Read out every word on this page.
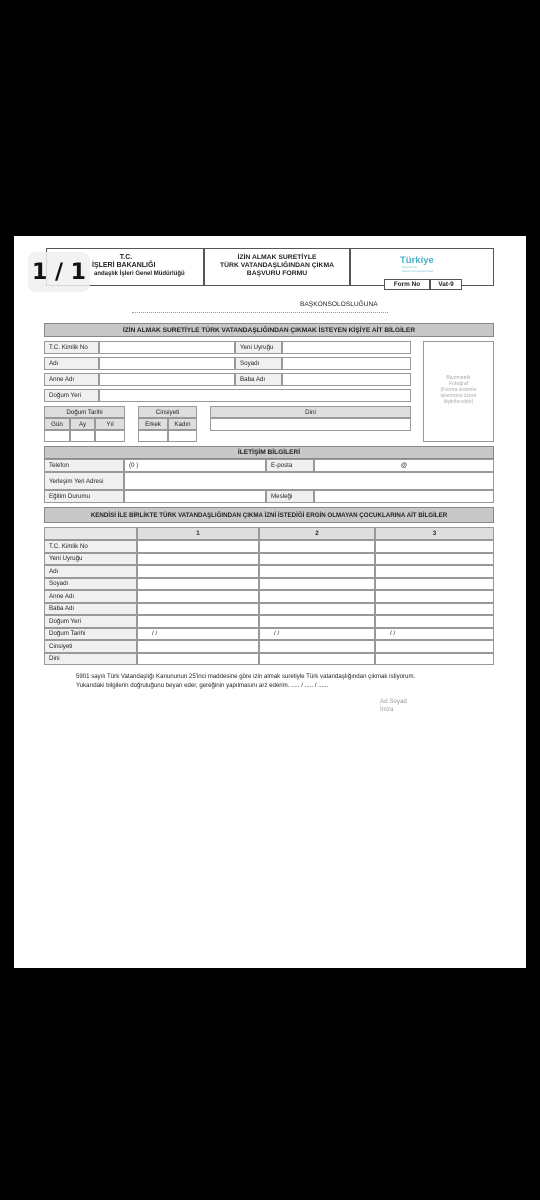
1 / 1
T.C.
İŞLERİ BAKANLIĞI
andaşlık İşleri Genel Müdürlüğü
İZİN ALMAK SURETİYLE
TÜRK VATANDAŞLIĞINDAN ÇIKMA
BAŞVURU FORMU
Türkiye
Dünyanın her
Kökünü koruyanlara destek
Form No	Vat-9
BAŞKONSOLOSLUĞUNA
İZİN ALMAK SURETİYLE TÜRK VATANDAŞLIĞINDAN ÇIKMAK İSTEYEN KİŞİYE AİT BİLGİLER
T.C. Kimlik No	Yeni Uyruğu
Adı	Soyadı
Anne Adı	Baba Adı
Doğum Yeri
Biyometrik
Fotoğraf
(Forma sisteme
işlenmesi üzere
iliştirilecektir)
Doğum Tarihi
Gün	Ay	Yıl
Cinsiyeti
Erkek	Kadın
Dini
İLETİŞİM BİLGİLERİ
Telefon	(0 )	E-posta	@
Yerleşim Yeri Adresi
Eğitim Durumu	Mesleği
KENDİSİ İLE BİRLİKTE TÜRK VATANDAŞLIĞINDAN ÇIKMA İZNİ İSTEDİĞİ ERGİN OLMAYAN ÇOCUKLARINA AİT BİLGİLER
1	2	3
T.C. Kimlik No
Yeni Uyruğu
Adı
Soyadı
Anne Adı
Baba Adı
Doğum Yeri
Doğum Tarihi	/ /	/ /	/ /
Cinsiyeti
Dini
5901 sayılı Türk Vatandaşlığı Kanununun 25'inci maddesine göre izin almak suretiyle Türk vatandaşlığından çıkmak istiyorum.
Yukarıdaki bilgilerin doğruluğunu beyan eder, gereğinin yapılmasını arz ederim. ..... / ..... / ......
Ad Soyad
İmza
